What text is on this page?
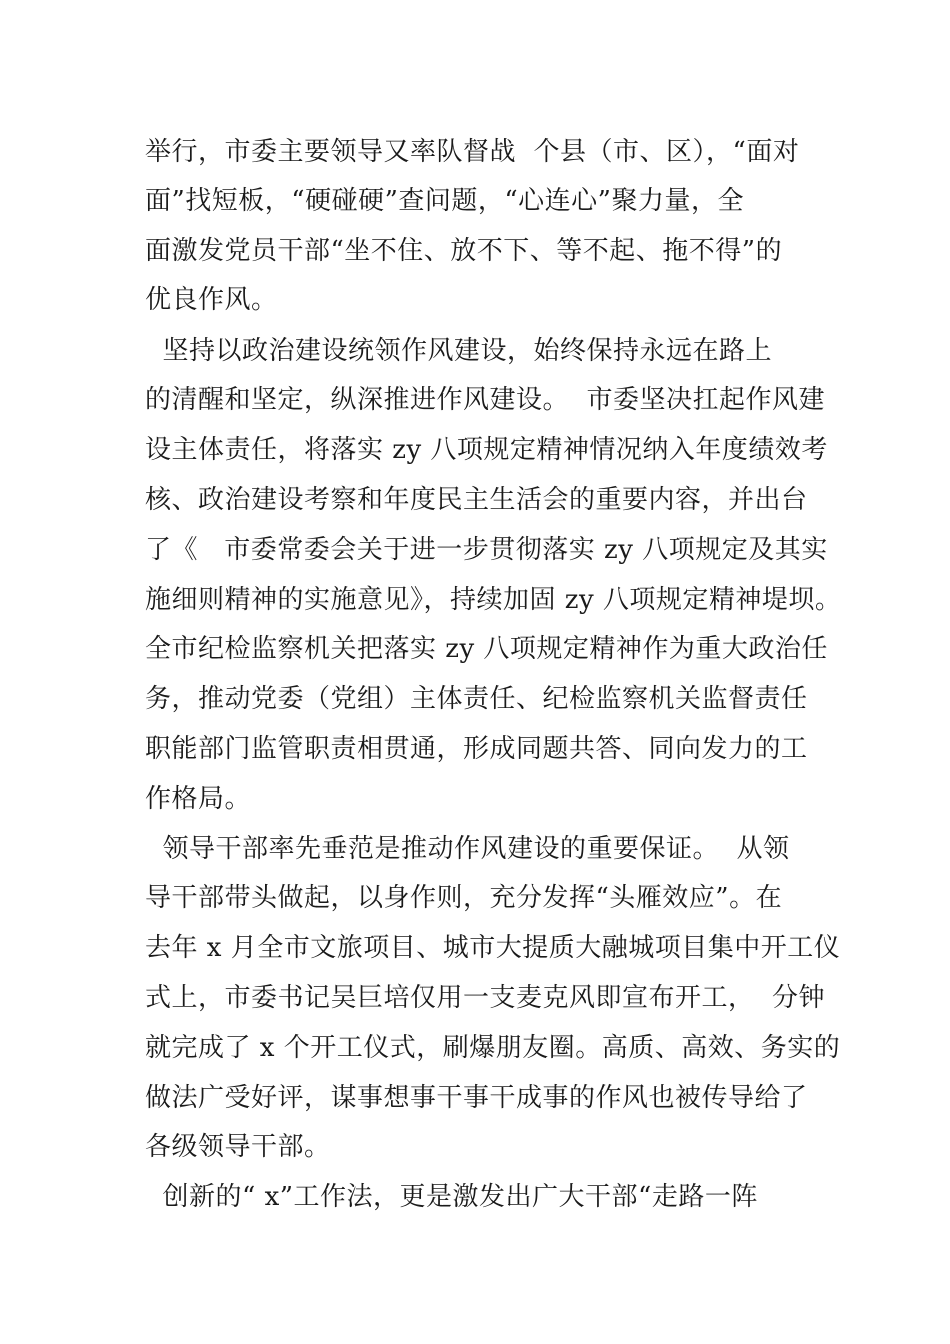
举行，市委主要领导又率队督战  个县（市、区），“面对
面”找短板，“硬碰硬”查问题，“心连心”聚力量，全
面激发党员干部“坐不住、放不下、等不起、拖不得”的
优良作风。
坚持以政治建设统领作风建设，始终保持永远在路上
的清醒和坚定，纵深推进作风建设。  市委坚决扛起作风建
设主体责任，将落实 zy 八项规定精神情况纳入年度绩效考
核、政治建设考察和年度民主生活会的重要内容，并出台
了《   市委常委会关于进一步贯彻落实 zy 八项规定及其实
施细则精神的实施意见》，持续加固 zy 八项规定精神堤坝。
全市纪检监察机关把落实 zy 八项规定精神作为重大政治任
务，推动党委（党组）主体责任、纪检监察机关监督责任
职能部门监管职责相贯通，形成同题共答、同向发力的工
作格局。
领导干部率先垂范是推动作风建设的重要保证。  从领
导干部带头做起，以身作则，充分发挥“头雁效应”。在
去年 x 月全市文旅项目、城市大提质大融城项目集中开工仪
式上，市委书记吴巨培仅用一支麦克风即宣布开工，  分钟
就完成了 x 个开工仪式，刷爆朋友圈。高质、高效、务实的
做法广受好评，谋事想事干事干成事的作风也被传导给了
各级领导干部。
创新的“ x”工作法，更是激发出广大干部“走路一阵
